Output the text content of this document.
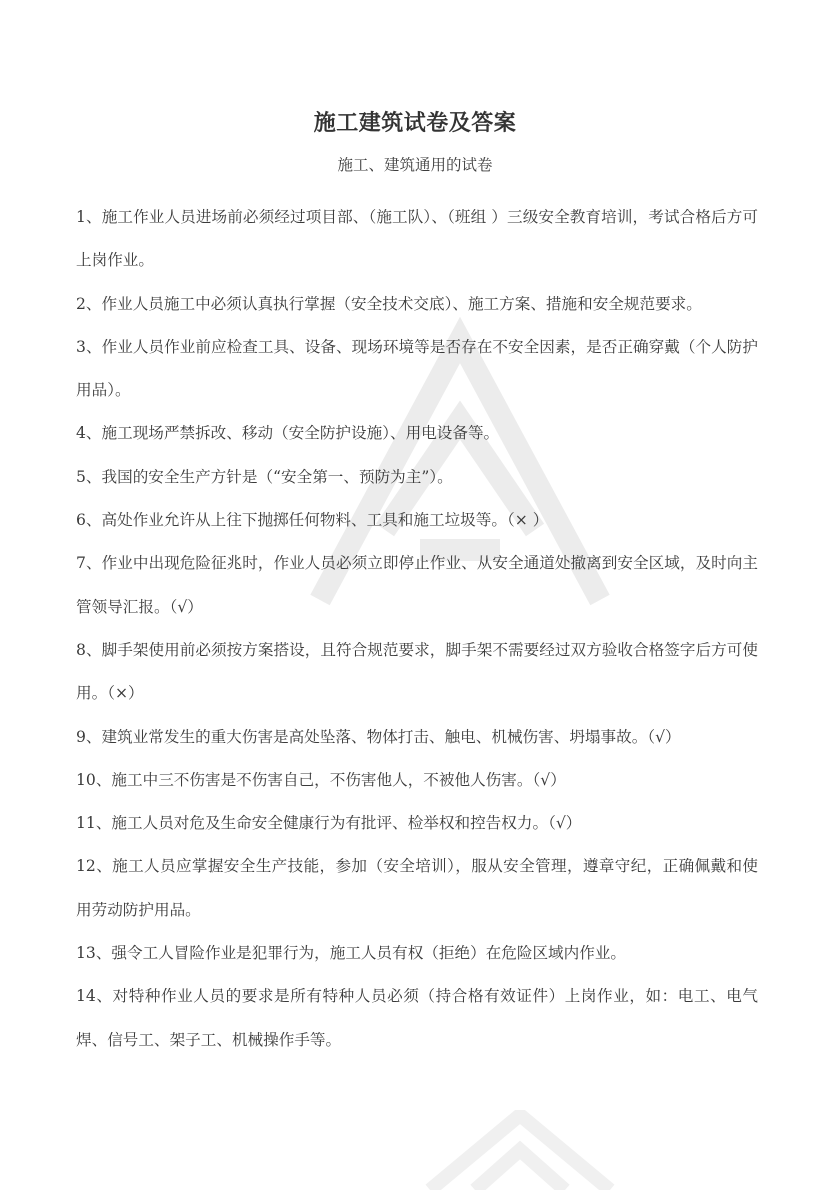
施工建筑试卷及答案
施工、建筑通用的试卷
1、施工作业人员进场前必须经过项目部、（施工队）、（班组 ）三级安全教育培训，考试合格后方可上岗作业。
2、作业人员施工中必须认真执行掌握（安全技术交底）、施工方案、措施和安全规范要求。
3、作业人员作业前应检查工具、设备、现场环境等是否存在不安全因素，是否正确穿戴（个人防护用品）。
4、施工现场严禁拆改、移动（安全防护设施）、用电设备等。
5、我国的安全生产方针是（“安全第一、预防为主”）。
6、高处作业允许从上往下抛掷任何物料、工具和施工垃圾等。（× ）
7、作业中出现危险征兆时，作业人员必须立即停止作业、从安全通道处撤离到安全区域，及时向主管领导汇报。（√）
8、脚手架使用前必须按方案搭设，且符合规范要求，脚手架不需要经过双方验收合格签字后方可使用。（×）
9、建筑业常发生的重大伤害是高处坠落、物体打击、触电、机械伤害、坍塌事故。（√）
10、施工中三不伤害是不伤害自己，不伤害他人，不被他人伤害。（√）
11、施工人员对危及生命安全健康行为有批评、检举权和控告权力。（√）
12、施工人员应掌握安全生产技能，参加（安全培训），服从安全管理，遵章守纪，正确佩戴和使用劳动防护用品。
13、强令工人冒险作业是犯罪行为，施工人员有权（拒绝）在危险区域内作业。
14、对特种作业人员的要求是所有特种人员必须（持合格有效证件）上岗作业，如：电工、电气焊、信号工、架子工、机械操作手等。
